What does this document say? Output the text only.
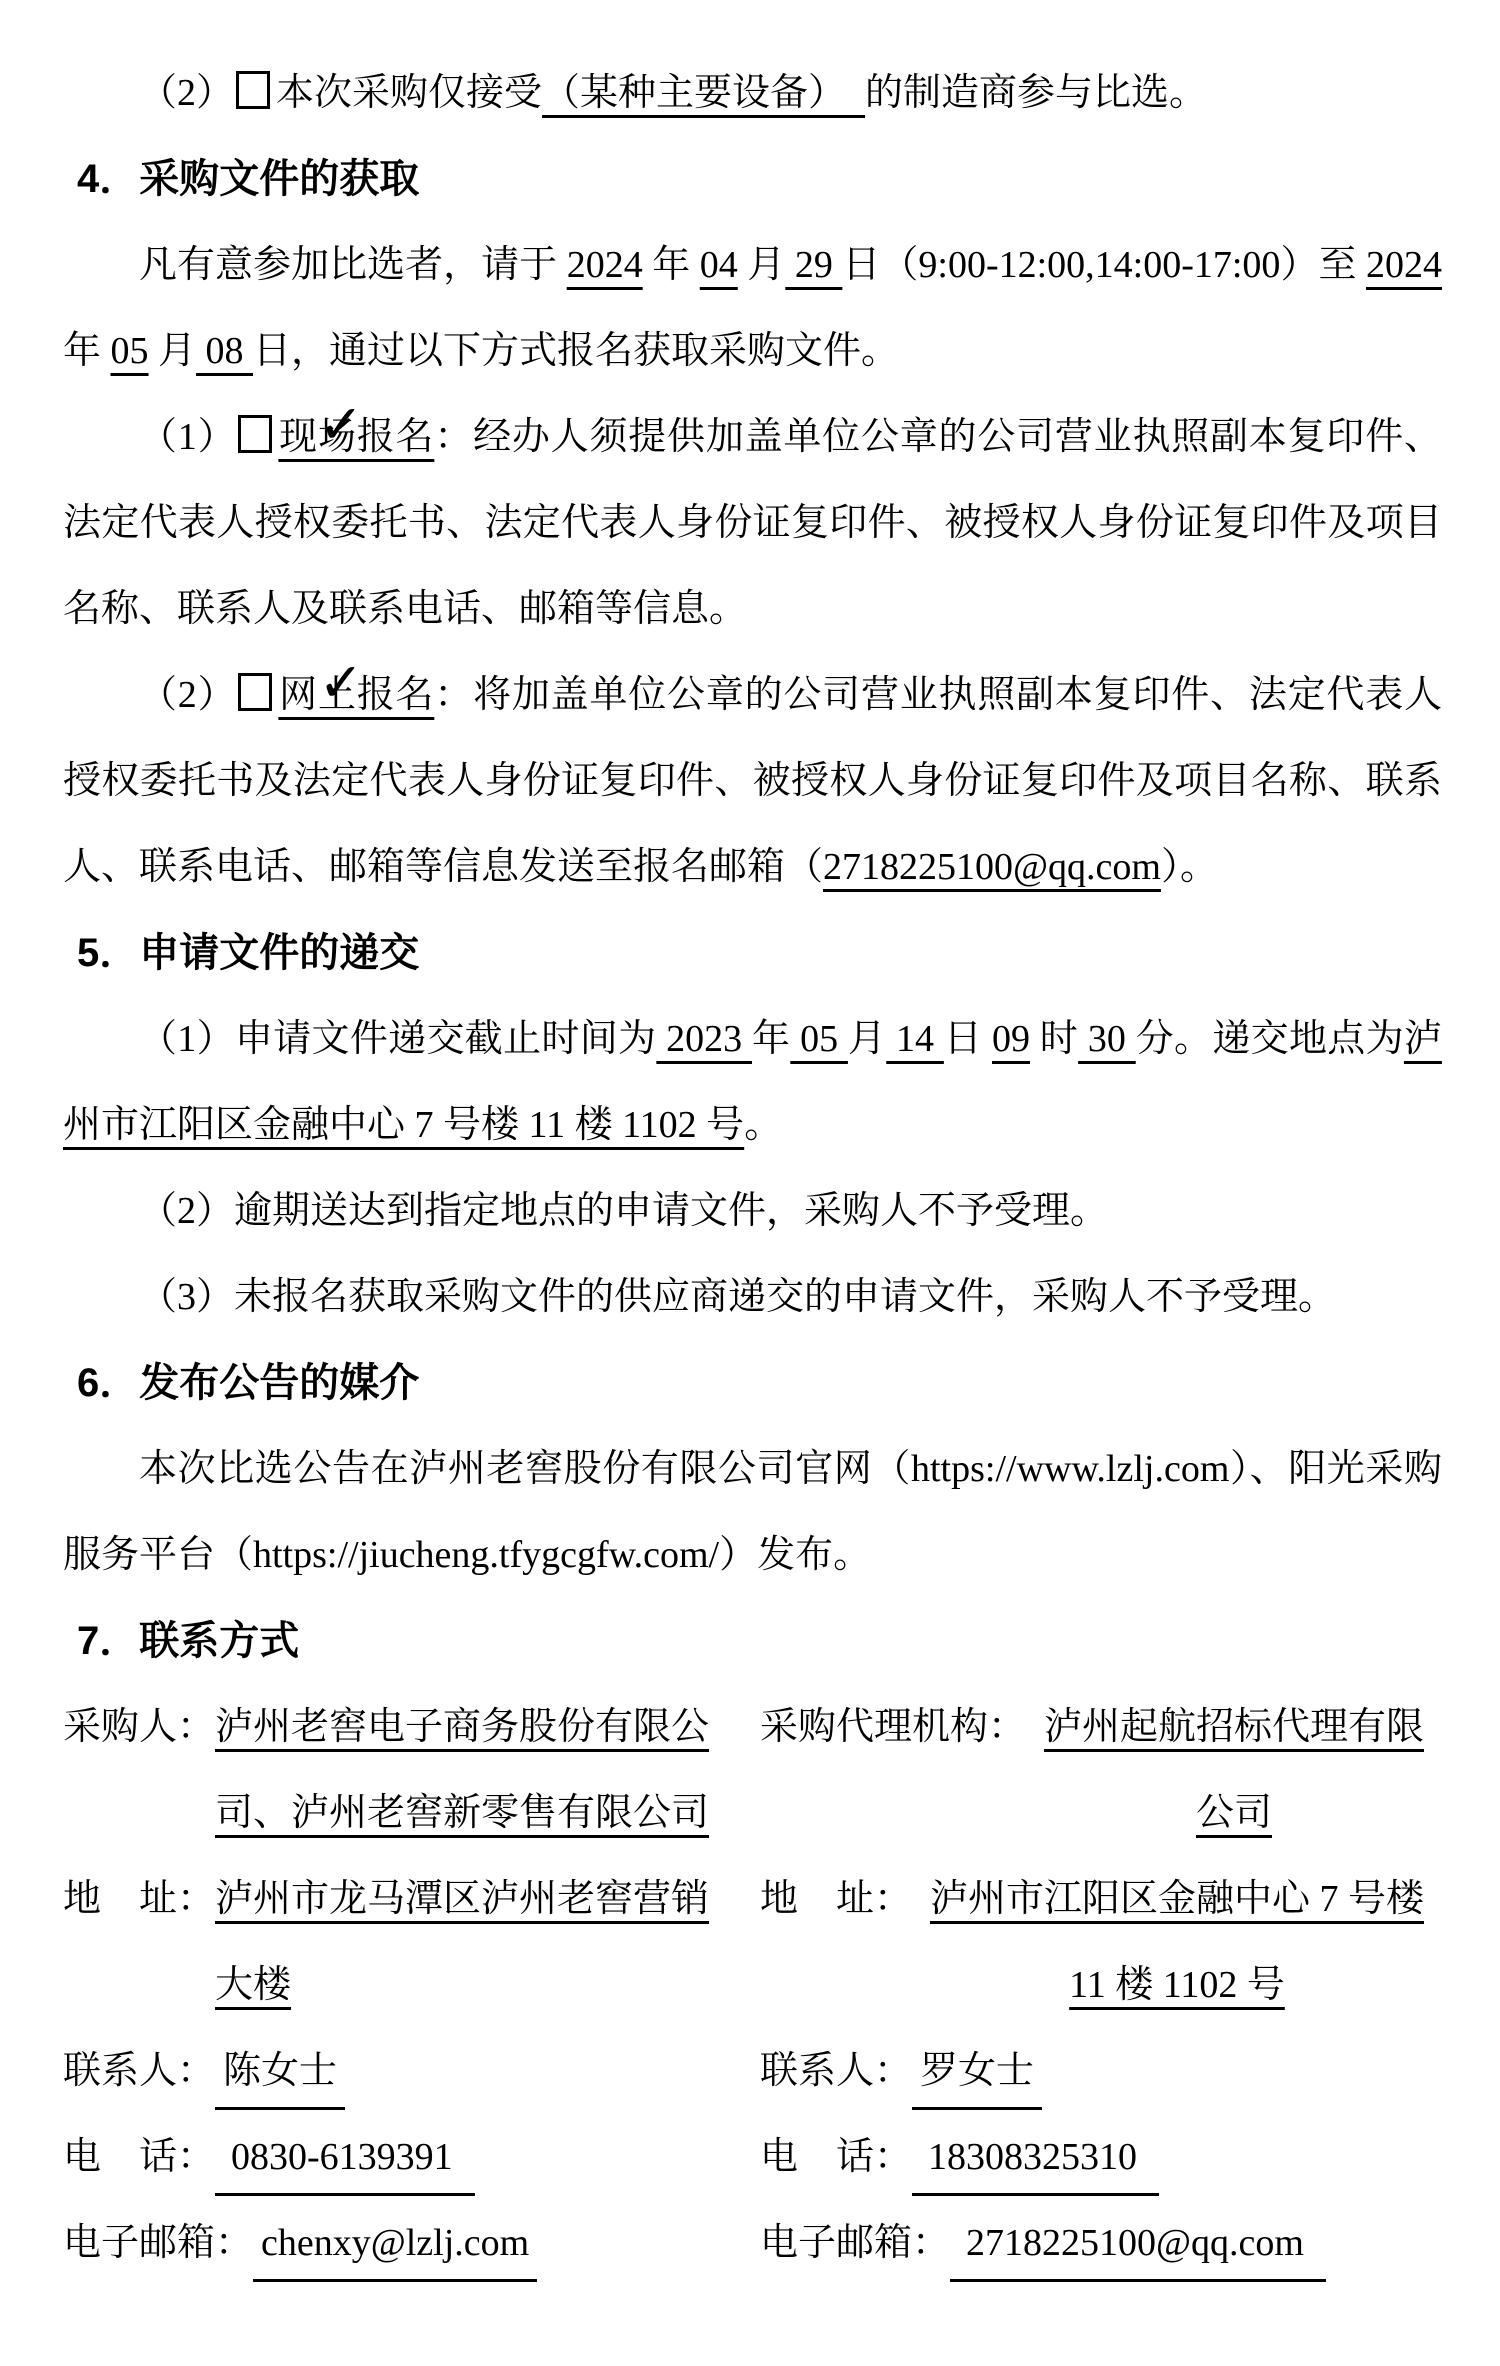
（2） 本次采购仅接受（某种主要设备）　的制造商参与比选。

4．采购文件的获取

凡有意参加比选者，请于 2024 年 04 月 29 日（9:00-12:00,14:00-17:00）至 2024 年 05 月 08 日，通过以下方式报名获取采购文件。

（1） ✓ 现场报名：经办人须提供加盖单位公章的公司营业执照副本复印件、法定代表人授权委托书、法定代表人身份证复印件、被授权人身份证复印件及项目名称、联系人及联系电话、邮箱等信息。

（2） ✓ 网上报名：将加盖单位公章的公司营业执照副本复印件、法定代表人授权委托书及法定代表人身份证复印件、被授权人身份证复印件及项目名称、联系人、联系电话、邮箱等信息发送至报名邮箱（2718225100@qq.com）。

5．申请文件的递交

（1）申请文件递交截止时间为 2023 年 05 月 14 日 09 时 30 分。递交地点为泸州市江阳区金融中心 7 号楼 11 楼 1102 号。

（2）逾期送达到指定地点的申请文件，采购人不予受理。

（3）未报名获取采购文件的供应商递交的申请文件，采购人不予受理。

6．发布公告的媒介

本次比选公告在泸州老窖股份有限公司官网（https://www.lzlj.com）、阳光采购服务平台（https://jiucheng.tfygcgfw.com/）发布。

7．联系方式
采购人： 泸州老窖电子商务股份有限公司、泸州老窖新零售有限公司
地　址： 泸州市龙马潭区泸州老窖营销大楼
联系人： 陈女士
电　话： 0830-6139391
电子邮箱： chenxy@lzlj.com
采购代理机构： 泸州起航招标代理有限公司
地　址： 泸州市江阳区金融中心 7 号楼 11 楼 1102 号
联系人： 罗女士
电　话： 18308325310
电子邮箱： 2718225100@qq.com
